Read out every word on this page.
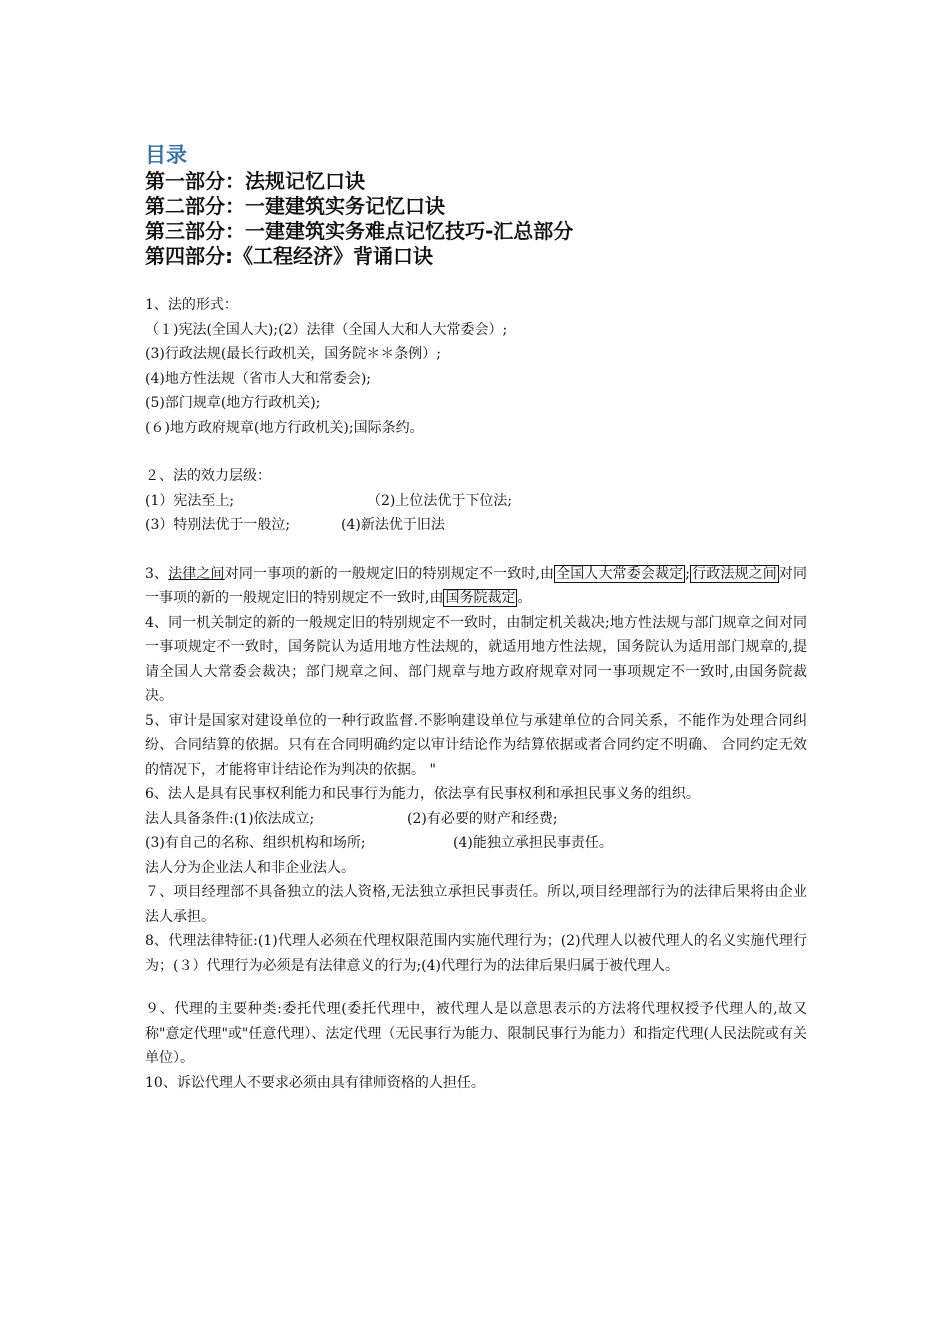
目录

第一部分：法规记忆口诀

第二部分：一建建筑实务记忆口诀

第三部分：一建建筑实务难点记忆技巧-汇总部分

第四部分:《工程经济》背诵口诀

1、法的形式：

（１)宪法(全国人大);(2）法律（全国人大和人大常委会）;

(3)行政法规(最长行政机关，国务院＊＊条例）;

(4)地方性法规（省市人大和常委会);

(5)部门规章(地方行政机关);

(６)地方政府规章(地方行政机关);国际条约。

２、法的效力层级：

(1）宪法至上;	（2)上位法优于下位法;

(3）特别法优于一般泣;	(4)新法优于旧法

3、法律之间对同一事项的新的一般规定旧的特别规定不一致时,由 全国人大常委会裁定 ; 行政法规之间 对同一事项的新的一般规定旧的特别规定不一致时,由 国务院裁定 。

4、同一机关制定的新的一般规定旧的特别规定不一致时，由制定机关裁决;地方性法规与部门规章之间对同一事项规定不一致时，国务院认为适用地方性法规的，就适用地方性法规，国务院认为适用部门规章的,提请全国人大常委会裁决；部门规章之间、部门规章与地方政府规章对同一事项规定不一致时,由国务院裁决。

5、审计是国家对建设单位的一种行政监督.不影响建设单位与承建单位的合同关系，不能作为处理合同纠纷、合同结算的依据。只有在合同明确约定以审计结论作为结算依据或者合同约定不明确、 合同约定无效的情况下，才能将审计结论作为判决的依据。 "

6、法人是具有民事权利能力和民事行为能力，依法享有民事权利和承担民事义务的组织。

法人具备条件:(1)依法成立;	(2)有必要的财产和经费;

(3)有自己的名称、组织机构和场所;	(4)能独立承担民事责任。

法人分为企业法人和非企业法人。

７、项目经理部不具备独立的法人资格,无法独立承担民事责任。所以,项目经理部行为的法律后果将由企业法人承担。

8、代理法律特征:(1)代理人必须在代理权限范围内实施代理行为；(2)代理人以被代理人的名义实施代理行为；(３）代理行为必须是有法律意义的行为;(4)代理行为的法律后果归属于被代理人。

９、代理的主要种类:委托代理(委托代理中，被代理人是以意思表示的方法将代理权授予代理人的,故又称"意定代理"或"任意代理）、法定代理（无民事行为能力、限制民事行为能力）和指定代理(人民法院或有关单位）。

10、诉讼代理人不要求必须由具有律师资格的人担任。
